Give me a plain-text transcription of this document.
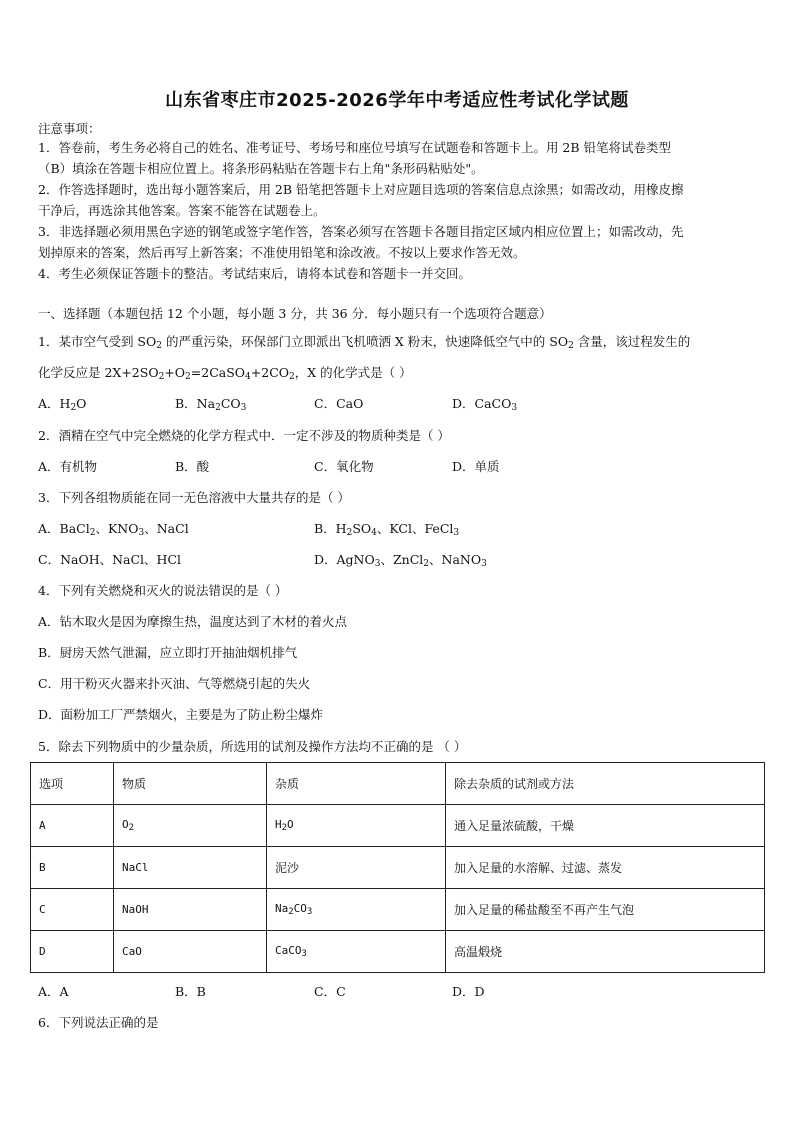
山东省枣庄市2025-2026学年中考适应性考试化学试题
注意事项：
1．答卷前，考生务必将自己的姓名、准考证号、考场号和座位号填写在试题卷和答题卡上。用 2B 铅笔将试卷类型
（B）填涂在答题卡相应位置上。将条形码粘贴在答题卡右上角"条形码粘贴处"。
2．作答选择题时，选出每小题答案后，用 2B 铅笔把答题卡上对应题目选项的答案信息点涂黑；如需改动，用橡皮擦
干净后，再选涂其他答案。答案不能答在试题卷上。
3．非选择题必须用黑色字迹的钢笔或签字笔作答，答案必须写在答题卡各题目指定区域内相应位置上；如需改动，先
划掉原来的答案，然后再写上新答案；不准使用铅笔和涂改液。不按以上要求作答无效。
4．考生必须保证答题卡的整洁。考试结束后，请将本试卷和答题卡一并交回。
一、选择题（本题包括 12 个小题，每小题 3 分，共 36 分．每小题只有一个选项符合题意）
1．某市空气受到 $SO_2$ 的严重污染，环保部门立即派出飞机喷洒 X 粉末，快速降低空气中的 $SO_2$ 含量，该过程发生的
化学反应是 $2X+2SO_2+O_2=2CaSO_4+2CO_2$，X 的化学式是（ ）
A．$H_2O$	B．$Na_2CO_3$	C．CaO	D．CaCO$_3$
2．酒精在空气中完全燃烧的化学方程式中．一定不涉及的物质种类是（ ）
A．有机物	B．酸	C．氧化物	D．单质
3．下列各组物质能在同一无色溶液中大量共存的是（ ）
A．BaCl$_2$、$KNO_3$、NaCl	B．$H_2SO_4$、KCl、FeCl$_3$
C．NaOH、NaCl、HCl	D．AgNO$_3$、ZnCl$_2$、NaNO$_3$
4．下列有关燃烧和灭火的说法错误的是（ ）
A．钻木取火是因为摩擦生热，温度达到了木材的着火点
B．厨房天然气泄漏，应立即打开抽油烟机排气
C．用干粉灭火器来扑灭油、气等燃烧引起的失火
D．面粉加工厂严禁烟火，主要是为了防止粉尘爆炸
5．除去下列物质中的少量杂质，所选用的试剂及操作方法均不正确的是 （ ）
选项	物质	杂质	除去杂质的试剂或方法
A	$O_2$	$H_2O$	通入足量浓硫酸，干燥
B	NaCl	泥沙	加入足量的水溶解、过滤、蒸发
C	NaOH	$Na_2CO_3$	加入足量的稀盐酸至不再产生气泡
D	CaO	CaCO$_3$	高温煅烧
A．A	B．B	C．C	D．D
6．下列说法正确的是
